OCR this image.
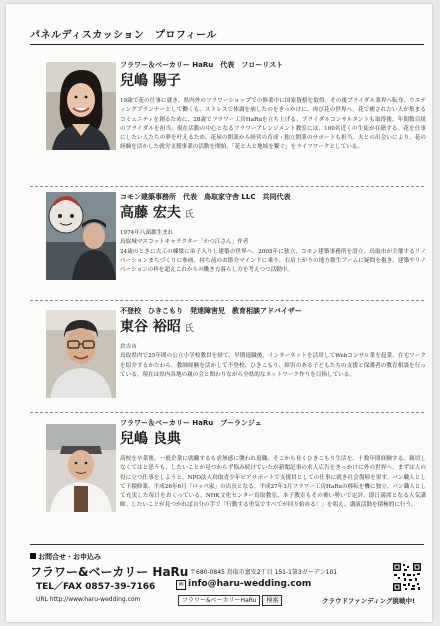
パネルディスカッション　プロフィール
フラワー＆ベーカリー HaRu　代表　フローリスト
兒嶋 陽子

19歳で花の仕事に就き、県内外のフラワーショップでの修業中に国家資格を取得。その後ブライダル業界へ転身、ウエディングプランナーとして働くも、ストレスで体調を崩したのをきっかけに、再び花の世界へ。花で癒されたい人が集まるコミュニティを創るために、28歳でフラワー工房HaRuを立ち上げる。ブライダルコンサルタントも取得後、年間数百組のブライダルを担当。現在活動の中心となるフラワーアレンジメント教室には、100名近くの生徒が在籍する。花を仕事にしたい人たちの夢を叶えるため、花屋の開業から経営の育成・独立開業のサポートも担当。夫との出会いにより、花の経験を活かした就労支援事業の活動を開始。「花と人と地域を繋ぐ」をライフワークとしている。

コモン建築事務所　代表　鳥取家守舎 LLC　共同代表
高藤 宏夫 氏

1974年八頭郡生まれ

鳥取城マスコットキャラクター「かつ江さん」作者

24歳のときに大工の棟梁に弟子入りし建築の世界へ。2005年に独立、コモン建築事務所を設立。鳥取市が主催するリノベーションまちづくりに参画、持ち前のお節介マインドに乗り、右肩上がりの地方創生ブームに疑問を抱き、建築やリノベーションの枠を超えこれからの働き方暮らし方を考えつつ活動中。

不登校　ひきこもり　発達障害児　教育相談アドバイザー
東谷 裕昭 氏

倉吉市

鳥取県内で25年間の公立小学校教員を経て、早期退職後、インターネットを活用してWebコンサル業を起業。在宅ワークを紹介するかたわら、教師経験を活かして不登校、ひきこもり、障害のある子どもたちの支援と保護者の教育相談を行っている。現在は県内各地の親の会と関わりながら全県的なネットワーク作りを目指している。

フラワー＆ベーカリー HaRu　ブーランジェ
兒嶋 良典

高校を卒業後、一般企業に就職するも虐無感に襲われ退職。そこから長くひきこもり生活を、十数年間経験する。親切しなくてはと思うも、したいことが見つからず悩み続けていたが新聞記事の求人広告をきっかけに外の世界へ。まずは人の役に立つ仕事をしようと、NPO法人鳥取青少年ピアサポートで支援員としての仕事に就き社会復帰を果す。パン職人として下積修業、平成26年6月「ロッペ家」の店長となる。平成27年3月フラワー工房HaRuの移転を機に独立。パン職人として充実した毎日をおくっている。NHK文化センター鳥取教室、本子教室もその後い勢いで定評、即日満席となる人気講師。したいことが見つかれば自分の手で「行動する勇気ですべてが回り始める！」を唱え、講演活動を積極的に行う。

お問合せ・お申込み
フラワー&ベーカリー HaRu 〒680-0845 鳥取市富安2丁目 151-1第3ガーデン101
TEL／FAX 0857-39-7166	✉ info@haru-wedding.com
URL http://www.haru-wedding.com	フラワー&ベーカリーHaRu 検索	クラウドファンディング挑戦中!
